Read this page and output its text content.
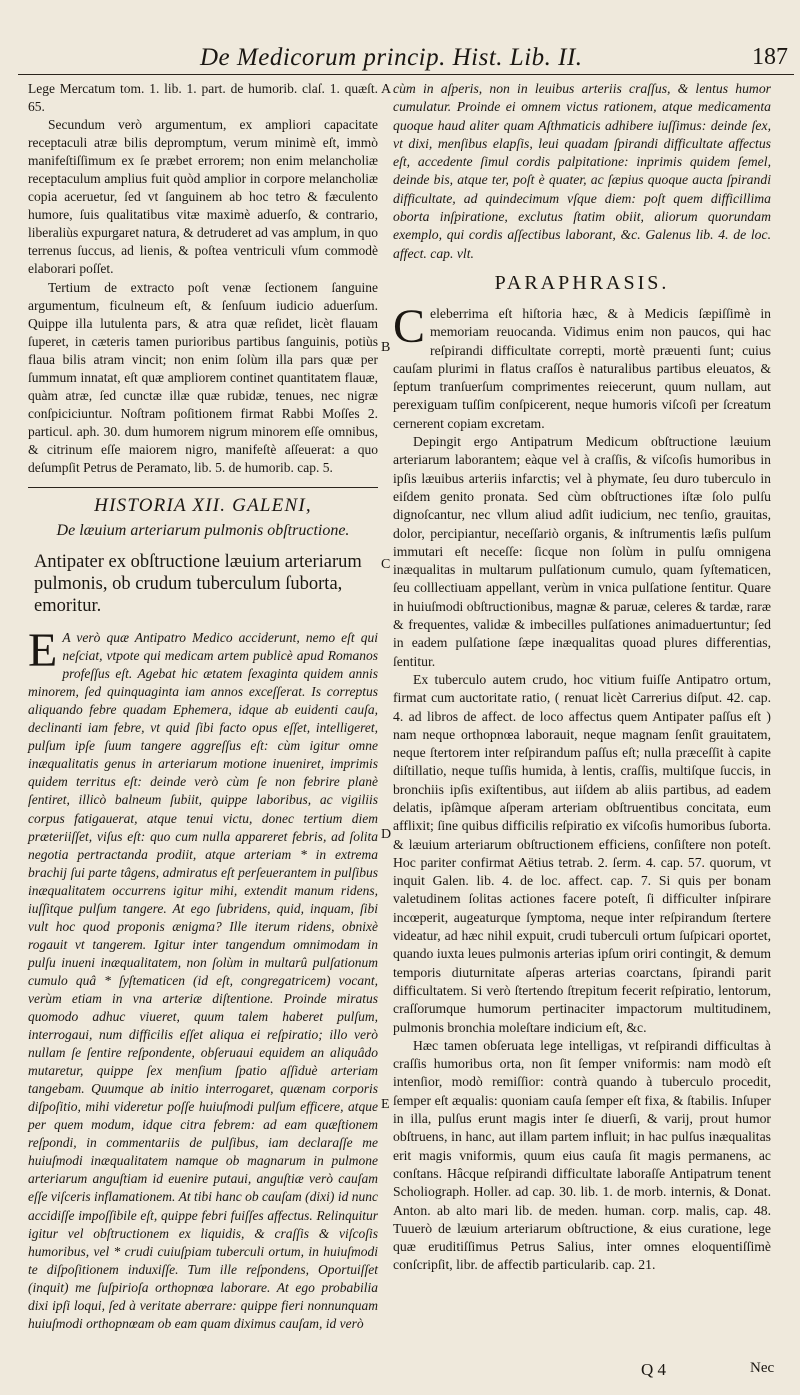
De Medicorum princip. Hist. Lib. II.	187

Lege Mercatum tom. 1. lib. 1. part. de humorib. claſ. 1. quæſt. 65.

Secundum verò argumentum, ex ampliori capacitate receptaculi atræ bilis depromptum, verum minimè eſt, immò manifeſtiſſimum ex ſe præbet errorem; non enim melancholiæ receptaculum amplius fuit quòd amplior in corpore melancholiæ copia aceruetur, ſed vt ſanguinem ab hoc tetro & fæculento humore, ſuis qualitatibus vitæ maximè aduerſo, & contrario, liberaliùs expurgaret natura, & detruderet ad vas amplum, in quo terrenus ſuccus, ad lienis, & poſtea ventriculi vſum commodè elaborari poſſet.

Tertium de extracto poſt venæ ſectionem ſanguine argumentum, ficulneum eſt, & ſenſuum iudicio aduerſum. Quippe illa lutulenta pars, & atra quæ reſidet, licèt flauam ſuperet, in cæteris tamen purioribus partibus ſanguinis, potiùs flaua bilis atram vincit; non enim ſolùm illa pars quæ per ſummum innatat, eſt quæ ampliorem continet quantitatem flauæ, quàm atræ, ſed cunctæ illæ quæ rubidæ, tenues, nec nigræ conſpiciciuntur. Noſtram poſitionem firmat Rabbi Moſſes 2. particul. aph. 30. dum humorem nigrum minorem eſſe omnibus, & citrinum eſſe maiorem nigro, manifeſtè aſſeuerat: a quo deſumpſit Petrus de Peramato, lib. 5. de humorib. cap. 5.

HISTORIA XII. GALENI,

De læuium arteriarum pulmonis obſtructione.

Antipater ex obſtructione læuium arteriarum pulmonis, ob crudum tuberculum ſuborta, emoritur.

E A verò quæ Antipatro Medico acciderunt, nemo eſt qui neſciat, vtpote qui medicam artem publicè apud Romanos profeſſus eſt. Agebat hic ætatem ſexaginta quidem annis minorem, ſed quinquaginta iam annos exceſſerat. Is correptus aliquando febre quadam Ephemera, idque ab euidenti cauſa, declinanti iam febre, vt quid ſibi facto opus eſſet, intelligeret, pulſum ipſe ſuum tangere aggreſſus eſt: cùm igitur omne inæqualitatis genus in arteriarum motione inueniret, imprimis quidem territus eſt: deinde verò cùm ſe non febrire planè ſentiret, illicò balneum ſubiit, quippe laboribus, ac vigiliis corpus fatigauerat, atque tenui victu, donec tertium diem præteriiſſet, viſus eſt: quo cum nulla appareret febris, ad ſolita negotia pertractanda prodiit, atque arteriam * in extrema brachij ſui parte tâgens, admiratus eſt perſeuerantem in pulſibus inæqualitatem occurrens igitur mihi, extendit manum ridens, iuſſitque pulſum tangere. At ego ſubridens, quid, inquam, ſibi vult hoc quod proponis ænigma? Ille iterum ridens, obnixè rogauit vt tangerem. Igitur inter tangendum omnimodam in pulſu inueni inæqualitatem, non ſolùm in multarû pulſationum cumulo quâ * ſyſtematicen (id eſt, congregatricem) vocant, verùm etiam in vna arteriæ diſtentione. Proinde miratus quomodo adhuc viueret, quum talem haberet pulſum, interrogaui, num difficilis eſſet aliqua ei reſpiratio; illo verò nullam ſe ſentire reſpondente, obſeruaui equidem an aliquâdo mutaretur, quippe ſex menſium ſpatio aſſiduè arteriam tangebam. Quumque ab initio interrogaret, quænam corporis diſpoſitio, mihi videretur poſſe huiuſmodi pulſum efficere, atque per quem modum, idque citra febrem: ad eam quæſtionem reſpondi, in commentariis de pulſibus, iam declaraſſe me huiuſmodi inæqualitatem namque ob magnarum in pulmone arteriarum anguſtiam id euenire putaui, anguſtiæ verò cauſam eſſe viſceris inflamationem. At tibi hanc ob cauſam (dixi) id nunc accidiſſe impoſſibile eſt, quippe febri fuiſſes affectus. Relinquitur igitur vel obſtructionem ex liquidis, & craſſis & viſcoſis humoribus, vel * crudi cuiuſpiam tuberculi ortum, in huiuſmodi te diſpoſitionem induxiſſe. Tum ille reſpondens, Oportuiſſet (inquit) me ſuſpirioſa orthopnœa laborare. At ego probabilia dixi ipſi loqui, ſed à veritate aberrare: quippe fieri nonnunquam huiuſmodi orthopnœam ob eam quam diximus cauſam, id verò

cùm in aſperis, non in leuibus arteriis craſſus, & lentus humor cumulatur. Proinde ei omnem victus rationem, atque medicamenta quoque haud aliter quam Aſthmaticis adhibere iuſſimus: deinde ſex, vt dixi, menſibus elapſis, leui quadam ſpirandi difficultate affectus eſt, accedente ſimul cordis palpitatione: inprimis quidem ſemel, deinde bis, atque ter, poſt è quater, ac ſæpius quoque aucta ſpirandi difficultate, ad quindecimum vſque diem: poſt quem difficillima oborta inſpiratione, exclutus ſtatim obiit, aliorum quorundam exemplo, qui cordis aſſectibus laborant, &c. Galenus lib. 4. de loc. affect. cap. vlt.

PARAPHRASIS.

Celeberrima eſt hiſtoria hæc, & à Medicis ſæpiſſimè in memoriam reuocanda. Vidimus enim non paucos, qui hac reſpirandi difficultate correpti, mortè præuenti ſunt; cuius cauſam plurimi in flatus craſſos è naturalibus partibus eleuatos, & ſeptum tranſuerſum comprimentes reiecerunt, quum nullam, aut perexiguam tuſſim conſpicerent, neque humoris viſcoſi per ſcreatum cernerent copiam excretam.

Depingit ergo Antipatrum Medicum obſtructione læuium arteriarum laborantem; eàque vel à craſſis, & viſcoſis humoribus in ipſis læuibus arteriis infarctis; vel à phymate, ſeu duro tuberculo in eiſdem genito pronata. Sed cùm obſtructiones iſtæ ſolo pulſu dignoſcantur, nec vllum aliud adſit iudicium, nec tenſio, grauitas, dolor, percipiantur, neceſſariò organis, & inſtrumentis læſis pulſum immutari eſt neceſſe: ſicque non ſolùm in pulſu omnigena inæqualitas in multarum pulſationum cumulo, quam ſyſtematicen, ſeu colllectiuam appellant, verùm in vnica pulſatione ſentitur. Quare in huiuſmodi obſtructionibus, magnæ & paruæ, celeres & tardæ, raræ & frequentes, validæ & imbecilles pulſationes animaduertuntur; ſed in eadem pulſatione ſæpe inæqualitas quoad plures differentias, ſentitur.

Ex tuberculo autem crudo, hoc vitium fuiſſe Antipatro ortum, firmat cum auctoritate ratio, ( renuat licèt Carrerius diſput. 42. cap. 4. ad libros de affect. de loco affectus quem Antipater paſſus eſt ) nam neque orthopnœa laborauit, neque magnam ſenſit grauitatem, neque ſtertorem inter reſpirandum paſſus eſt; nulla præceſſit à capite diſtillatio, neque tuſſis humida, à lentis, craſſis, multiſque ſuccis, in bronchiis ipſis exiſtentibus, aut iiſdem ab aliis partibus, ad eadem delatis, ipſàmque aſperam arteriam obſtruentibus concitata, eum afflixit; ſine quibus difficilis reſpiratio ex viſcoſis humoribus ſuborta. & læuium arteriarum obſtructionem efficiens, conſiſtere non poteſt. Hoc pariter confirmat Aëtius tetrab. 2. ſerm. 4. cap. 57. quorum, vt inquit Galen. lib. 4. de loc. affect. cap. 7. Si quis per bonam valetudinem ſolitas actiones facere poteſt, ſi difficulter inſpirare incœperit, augeaturque ſymptoma, neque inter reſpirandum ſtertere videatur, ad hæc nihil expuit, crudi tuberculi ortum ſuſpicari oportet, quando iuxta leues pulmonis arterias ipſum oriri contingit, & demum temporis diuturnitate aſperas arterias coarctans, ſpirandi parit difficultatem. Si verò ſtertendo ſtrepitum fecerit reſpiratio, lentorum, craſſorumque humorum pertinaciter impactorum multitudinem, pulmonis bronchia moleſtare indicium eſt, &c.

Hæc tamen obſeruata lege intelligas, vt reſpirandi difficultas à craſſis humoribus orta, non ſit ſemper vniformis: nam modò eſt intenſior, modò remiſſior: contrà quando à tuberculo procedit, ſemper eſt æqualis: quoniam cauſa ſemper eſt fixa, & ſtabilis. Inſuper in illa, pulſus erunt magis inter ſe diuerſi, & varij, prout humor obſtruens, in hanc, aut illam partem influit; in hac pulſus inæqualitas erit magis vniformis, quum eius cauſa ſit magis permanens, ac conſtans. Hâcque reſpirandi difficultate laboraſſe Antipatrum tenent Scholiograph. Holler. ad cap. 30. lib. 1. de morb. internis, & Donat. Anton. ab alto mari lib. de meden. human. corp. malis, cap. 48. Tuuerò de læuium arteriarum obſtructione, & eius curatione, lege quæ eruditiſſimus Petrus Salius, inter omnes eloquentiſſimè conſcripſit, libr. de affectib particularib. cap. 21.

A
B
C
D
E
Q 4	Nec
